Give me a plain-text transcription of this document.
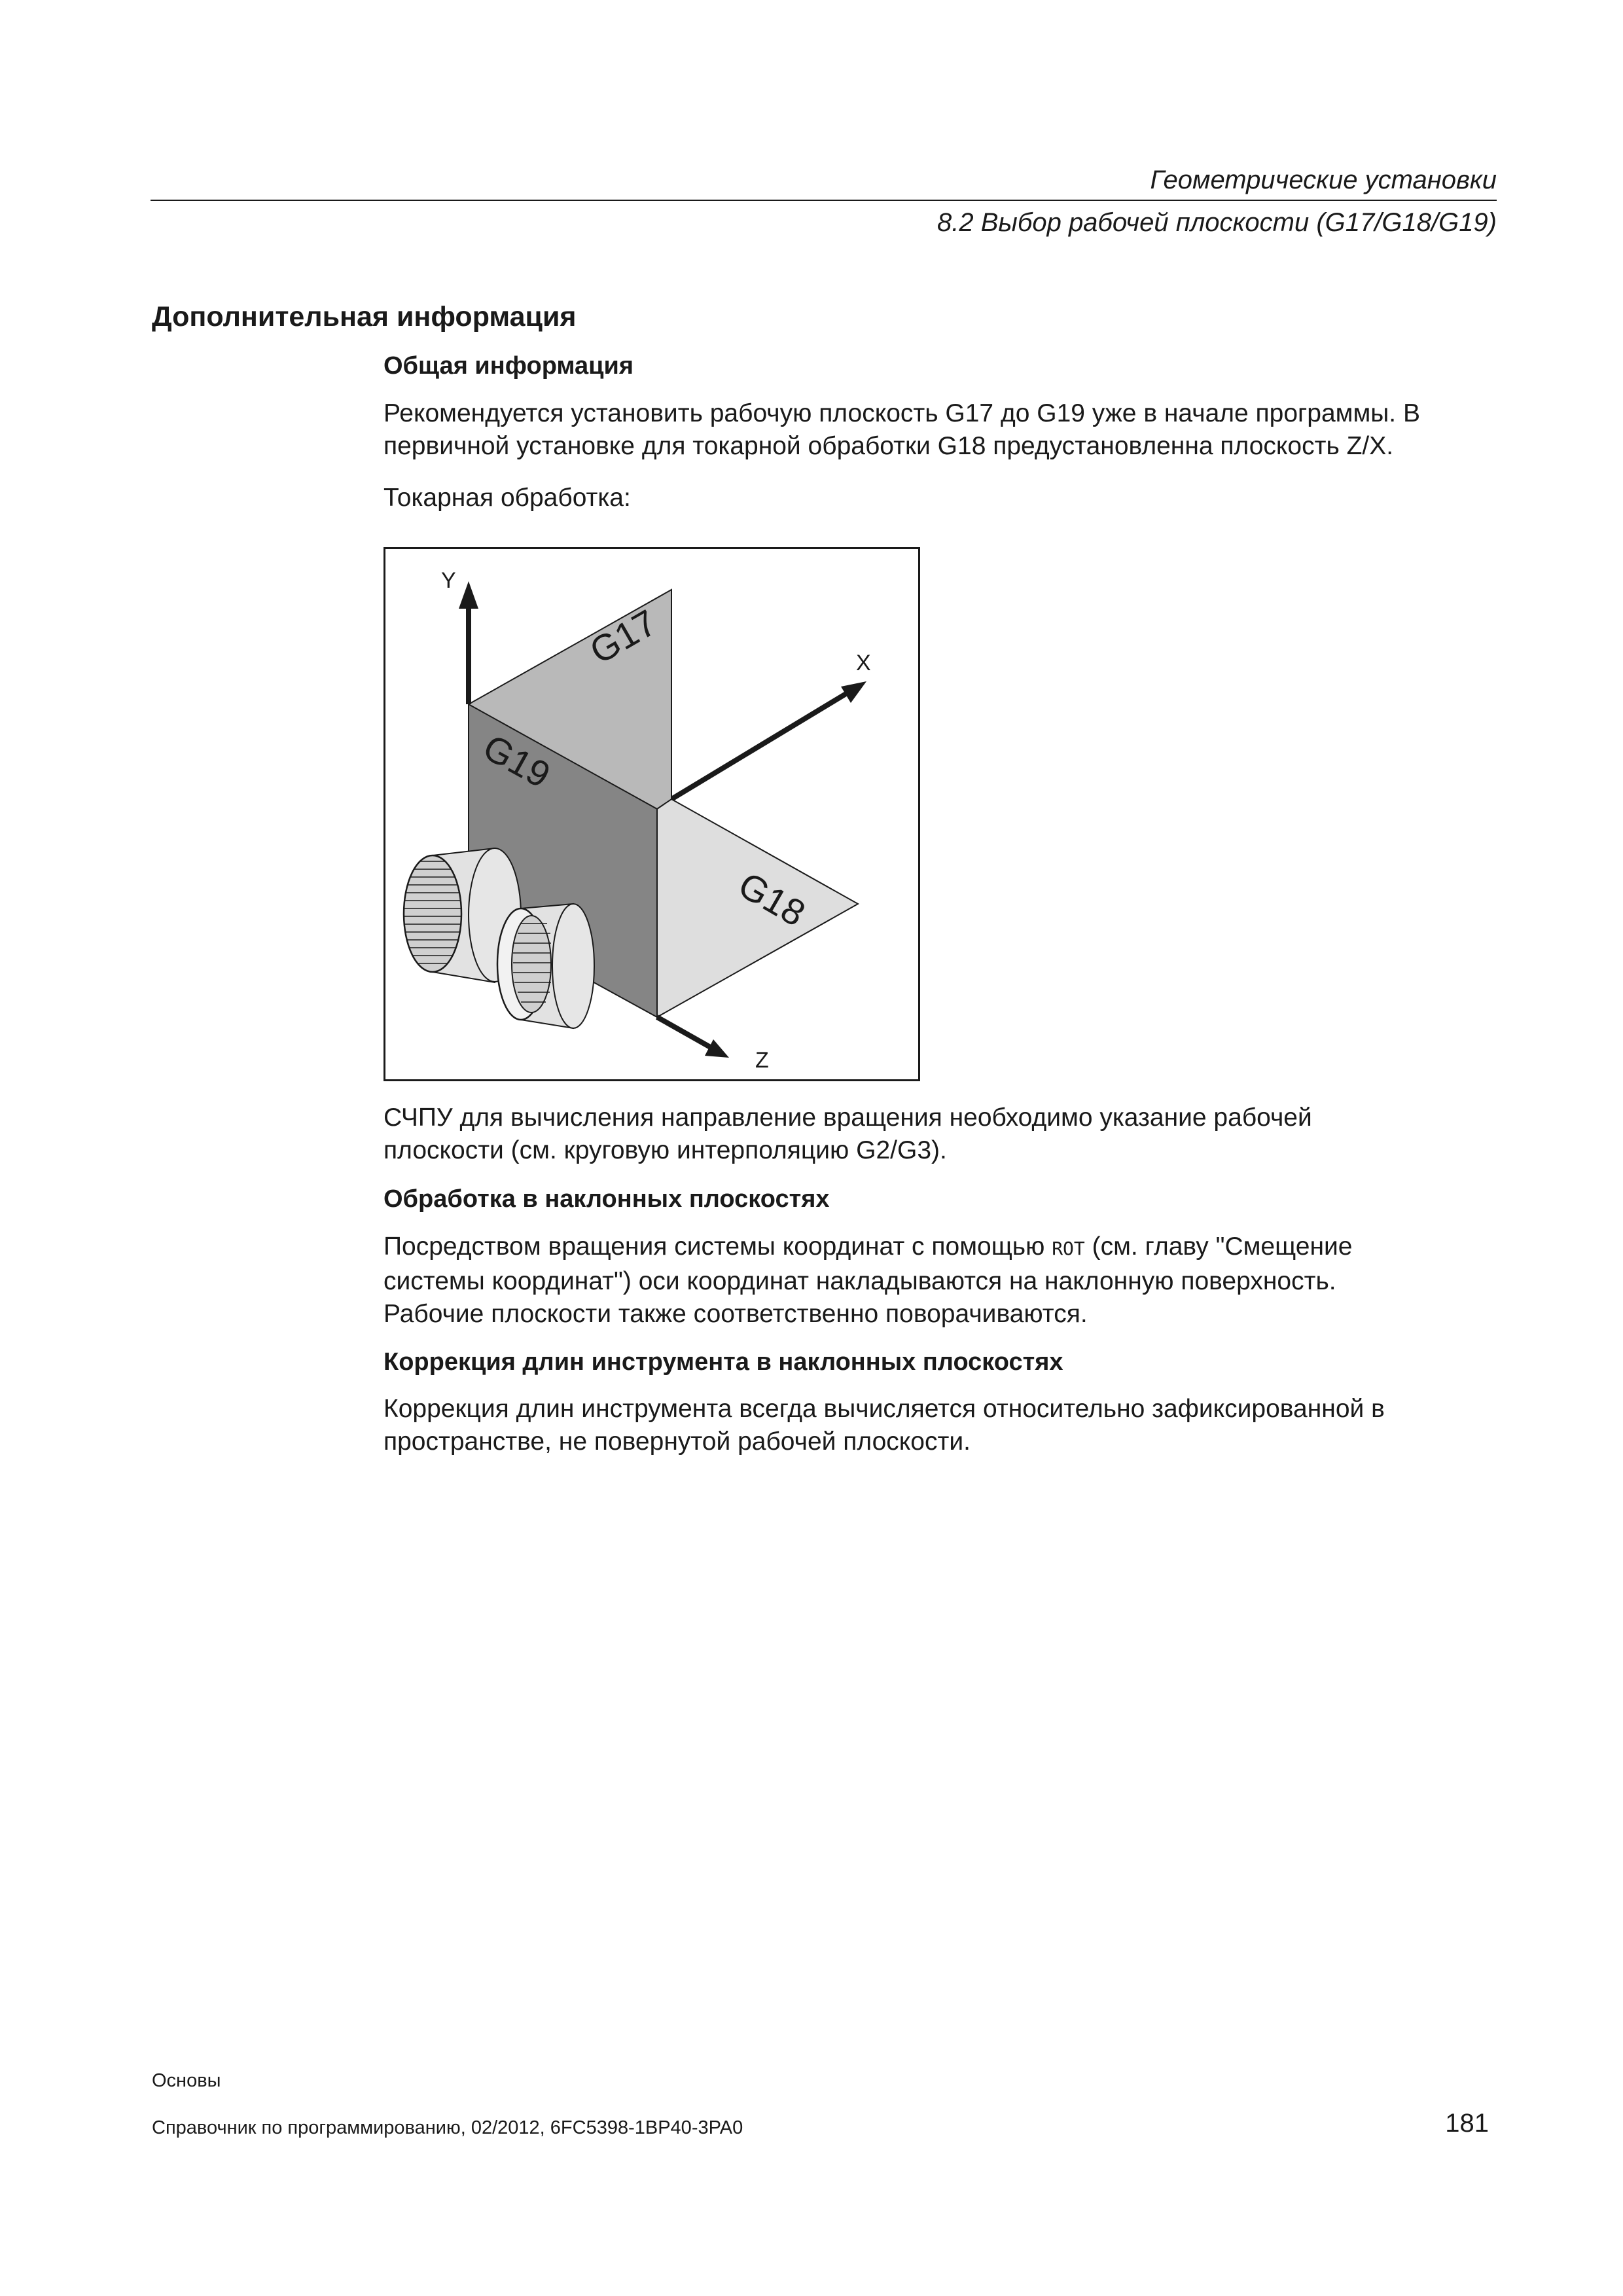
Геометрические установки
8.2 Выбор рабочей плоскости (G17/G18/G19)
Дополнительная информация
Общая информация
Рекомендуется установить рабочую плоскость G17 до G19 уже в начале программы. В
первичной установке для токарной обработки G18 предустановленна плоскость Z/X.
Токарная обработка:
Y
X
Z
G17
G19
G18
СЧПУ для вычисления направление вращения необходимо указание рабочей
плоскости (см. круговую интерполяцию G2/G3).
Обработка в наклонных плоскостях
Посредством вращения системы координат с помощью ROT (см. главу "Смещение
системы координат") оси координат накладываются на наклонную поверхность.
Рабочие плоскости также соответственно поворачиваются.
Коррекция длин инструмента в наклонных плоскостях
Коррекция длин инструмента всегда вычисляется относительно зафиксированной в
пространстве, не повернутой рабочей плоскости.
Основы
Справочник по программированию, 02/2012, 6FC5398-1BP40-3PA0	181
